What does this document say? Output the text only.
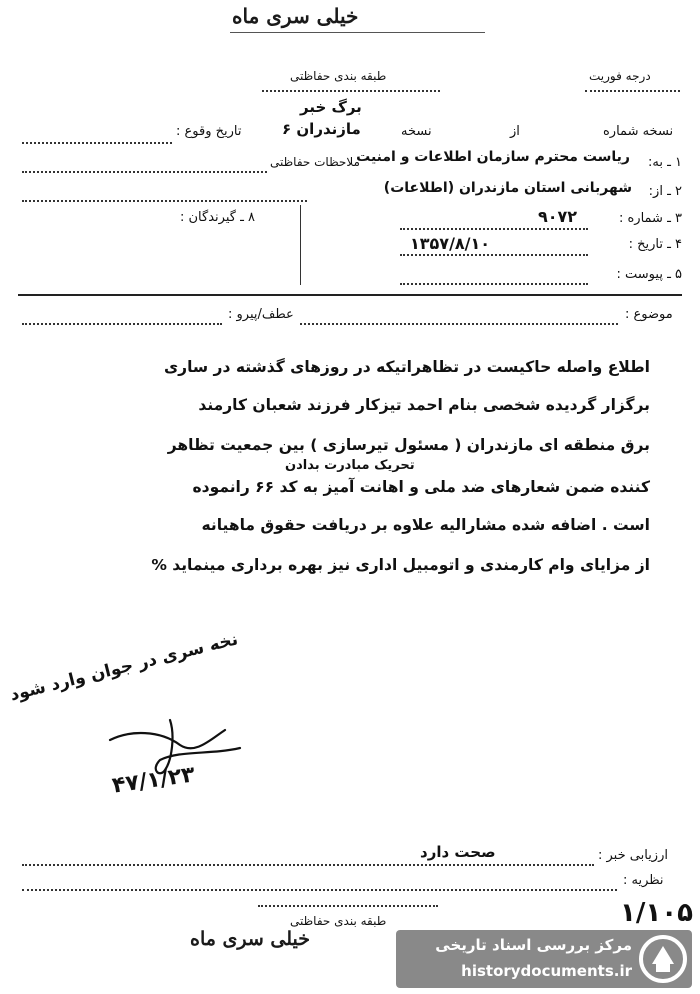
خیلی سری ماه
طبقه بندی حفاظتی	درجه فوریت
برگ خبر
نسخه‌ شماره
از
نسخه
مازندران ۶
تاریخ وقوع :
۱ ـ به:
ریاست محترم سازمان اطلاعات و امنیت
ملاحظات حفاظتی
۲ ـ از:
شهربانی استان مازندران (اطلاعات)
۳ ـ شماره :
۹۰۷۲
۸ ـ گیرندگان :
۴ ـ تاریخ :
۱۳۵۷/۸/۱۰
۵ ـ پیوست :
موضوع :
عطف/پیرو :
اطلاع واصله حاکیست در تظاهراتیکه در روزهای گذشته در ساری
برگزار گردیده شخصی بنام احمد تیزکار فرزند شعبان کارمند
برق منطقه ای مازندران ( مسئول تیرسازی ) بین جمعیت تظاهر
تحریک مبادرت بدادن
کننده ضمن شعارهای ضد ملی و اهانت آمیز به کد ۶۶ رانموده
است . اضافه شده مشارالیه علاوه بر دریافت حقوق ماهیانه
از مزایای وام کارمندی و اتومبیل اداری نیز بهره برداری مینماید %
نخه سری در جوان وارد شود
۴۷/۱/۲۳
ارزیابی خبر :
صحت دارد
نظریه :
طبقه بندی حفاظتی
خیلی سری ماه
۱/۱۰۵
مرکز بررسی اسناد تاریخی
historydocuments.ir
